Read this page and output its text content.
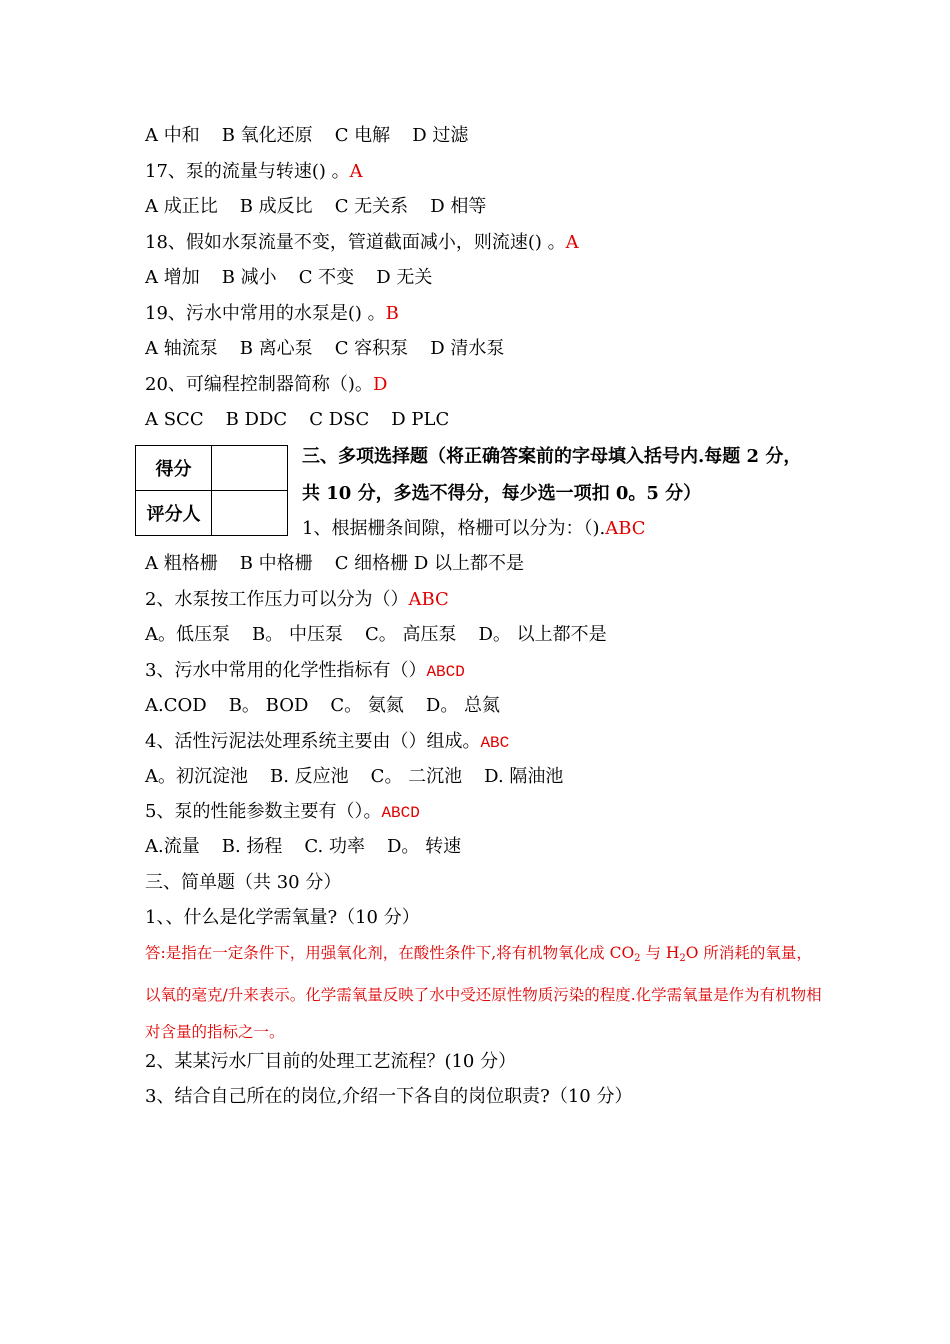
A 中和 B 氧化还原 C 电解 D 过滤
17、泵的流量与转速() 。A
A 成正比 B 成反比 C 无关系 D 相等
18、假如水泵流量不变，管道截面减小，则流速() 。A
A 增加 B 减小 C 不变 D 无关
19、污水中常用的水泵是() 。B
A 轴流泵 B 离心泵 C 容积泵 D 清水泵
20、可编程控制器简称（)。D
A SCC B DDC C DSC D PLC
A 粗格栅 B 中格栅 C 细格栅 D 以上都不是
2、水泵按工作压力可以分为（）ABC
A。低压泵 B。 中压泵 C。 高压泵 D。 以上都不是
3、污水中常用的化学性指标有（）ABCD
A.COD B。 BOD C。 氨氮 D。 总氮
4、活性污泥法处理系统主要由（）组成。ABC
A。初沉淀池 B. 反应池 C。 二沉池 D. 隔油池
5、泵的性能参数主要有（）。ABCD
A.流量 B. 扬程 C. 功率 D。 转速
得分	
评分人	
三、多项选择题（将正确答案前的字母填入括号内.每题 2 分，
共 10 分，多选不得分，每少选一项扣 0。5 分）
1、根据栅条间隙，格栅可以分为：（).ABC
三、简单题（共 30 分）
1、、什么是化学需氧量?（10 分）
答:是指在一定条件下，用强氧化剂，在酸性条件下,将有机物氧化成 $CO_2$ 与 $H_2O$ 所消耗的氧量，以氧的毫克/升来表示。化学需氧量反映了水中受还原性物质污染的程度.化学需氧量是作为有机物相对含量的指标之一。
2、某某污水厂目前的处理工艺流程？(10 分）
3、结合自己所在的岗位,介绍一下各自的岗位职责?（10 分）
